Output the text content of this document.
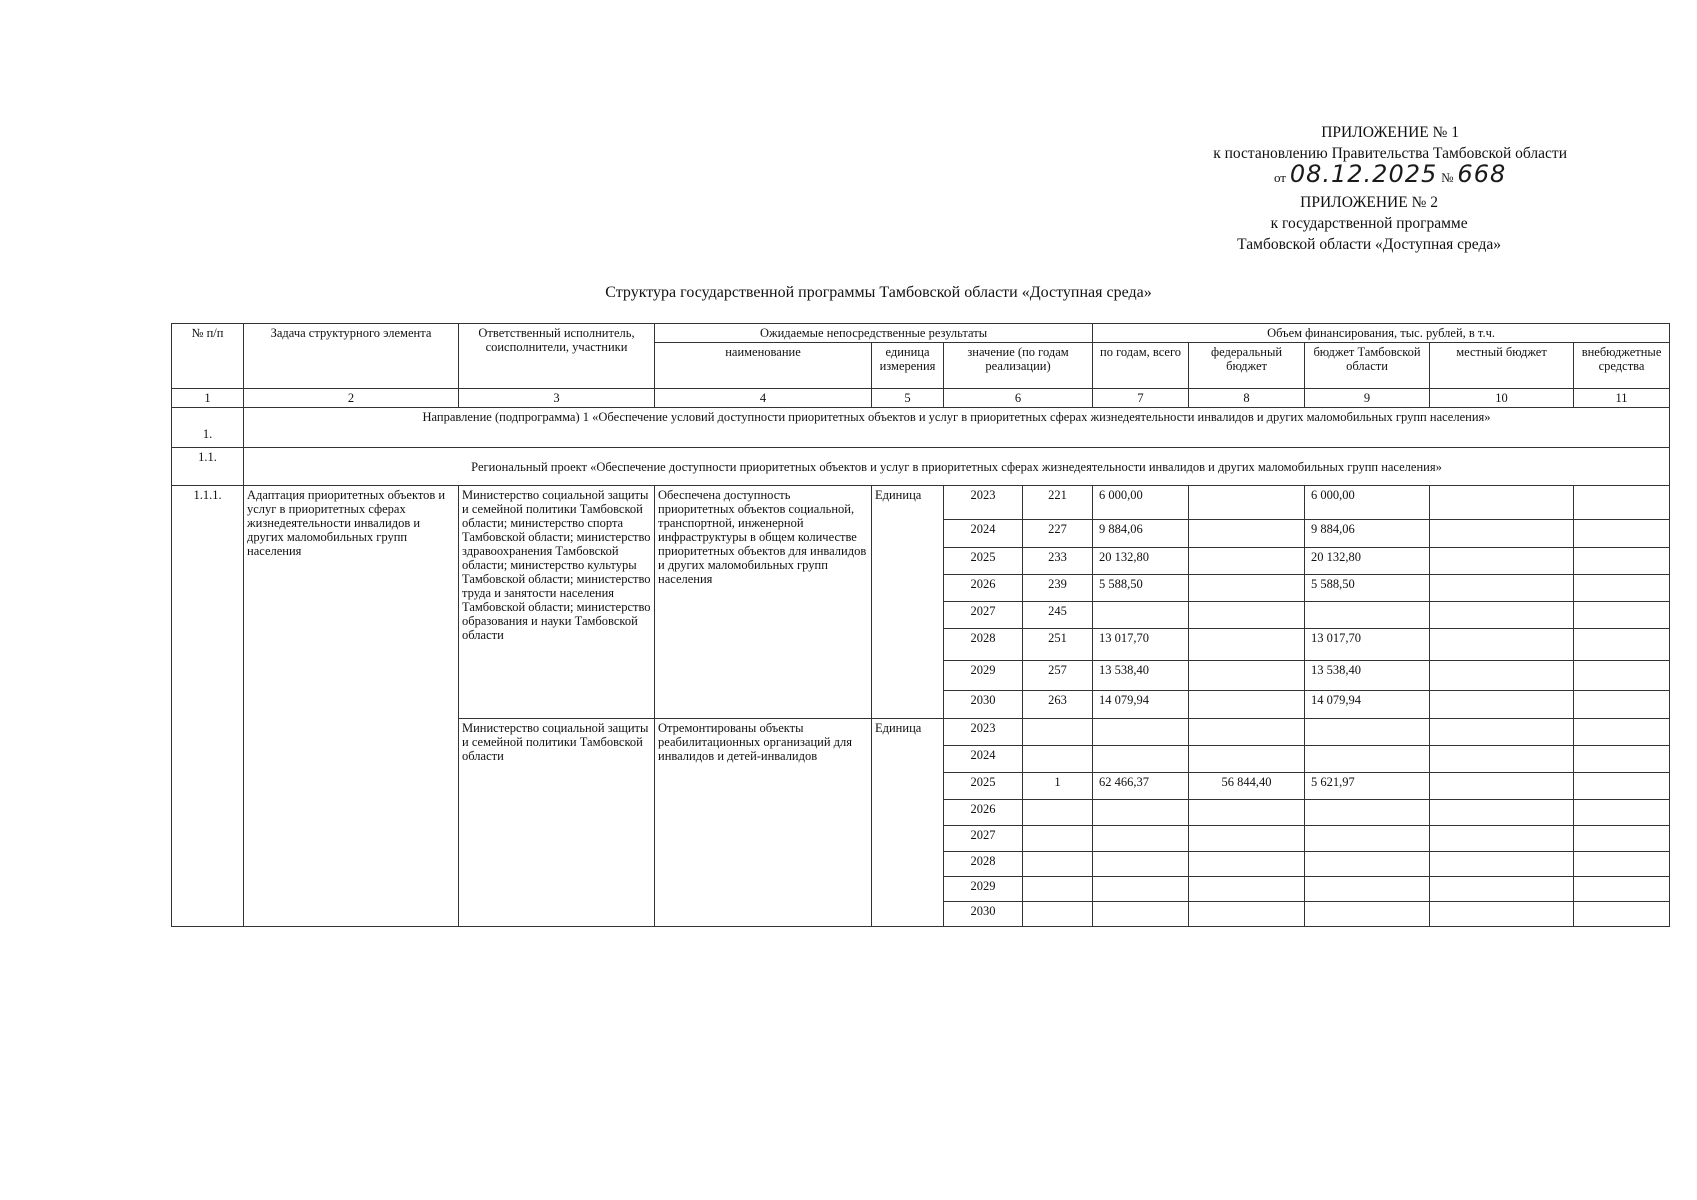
ПРИЛОЖЕНИЕ № 1
к постановлению Правительства Тамбовской области
от 08.12.2025 № 668
ПРИЛОЖЕНИЕ № 2
к государственной программе
Тамбовской области «Доступная среда»
Структура государственной программы Тамбовской области «Доступная среда»
№ п/п	Задача структурного элемента	Ответственный исполнитель, соисполнители, участники	Ожидаемые непосредственные результаты				Объем финансирования, тыс. рублей, в т.ч.				
			наименование	единица измерения	значение (по годам реализации)		по годам, всего	федеральный бюджет	бюджет Тамбовской области	местный бюджет	внебюджетные средства
1	2	3	4	5	6		7	8	9	10	11
1.	Направление (подпрограмма) 1 «Обеспечение условий доступности приоритетных объектов и услуг в приоритетных сферах жизнедеятельности инвалидов и других маломобильных групп населения»										
1.1.	Региональный проект «Обеспечение доступности приоритетных объектов и услуг в приоритетных сферах жизнедеятельности инвалидов и других маломобильных групп населения»										
1.1.1.	Адаптация приоритетных объектов и услуг в приоритетных сферах жизнедеятельности инвалидов и других маломобильных групп населения	Министерство социальной защиты и семейной политики Тамбовской области; министерство спорта Тамбовской области; министерство здравоохранения Тамбовской области; министерство культуры Тамбовской области; министерство труда и занятости населения Тамбовской области; министерство образования и науки Тамбовской области	Обеспечена доступность приоритетных объектов социальной, транспортной, инженерной инфраструктуры в общем количестве приоритетных объектов для инвалидов и других маломобильных групп населения	Единица	2023	221	6 000,00		6 000,00		
					2024	227	9 884,06		9 884,06		
					2025	233	20 132,80		20 132,80		
					2026	239	5 588,50		5 588,50		
					2027	245					
					2028	251	13 017,70		13 017,70		
					2029	257	13 538,40		13 538,40		
					2030	263	14 079,94		14 079,94		
		Министерство социальной защиты и семейной политики Тамбовской области	Отремонтированы объекты реабилитационных организаций для инвалидов и детей-инвалидов	Единица	2023						
					2024						
					2025	1	62 466,37	56 844,40	5 621,97		
					2026						
					2027						
					2028						
					2029						
					2030						
